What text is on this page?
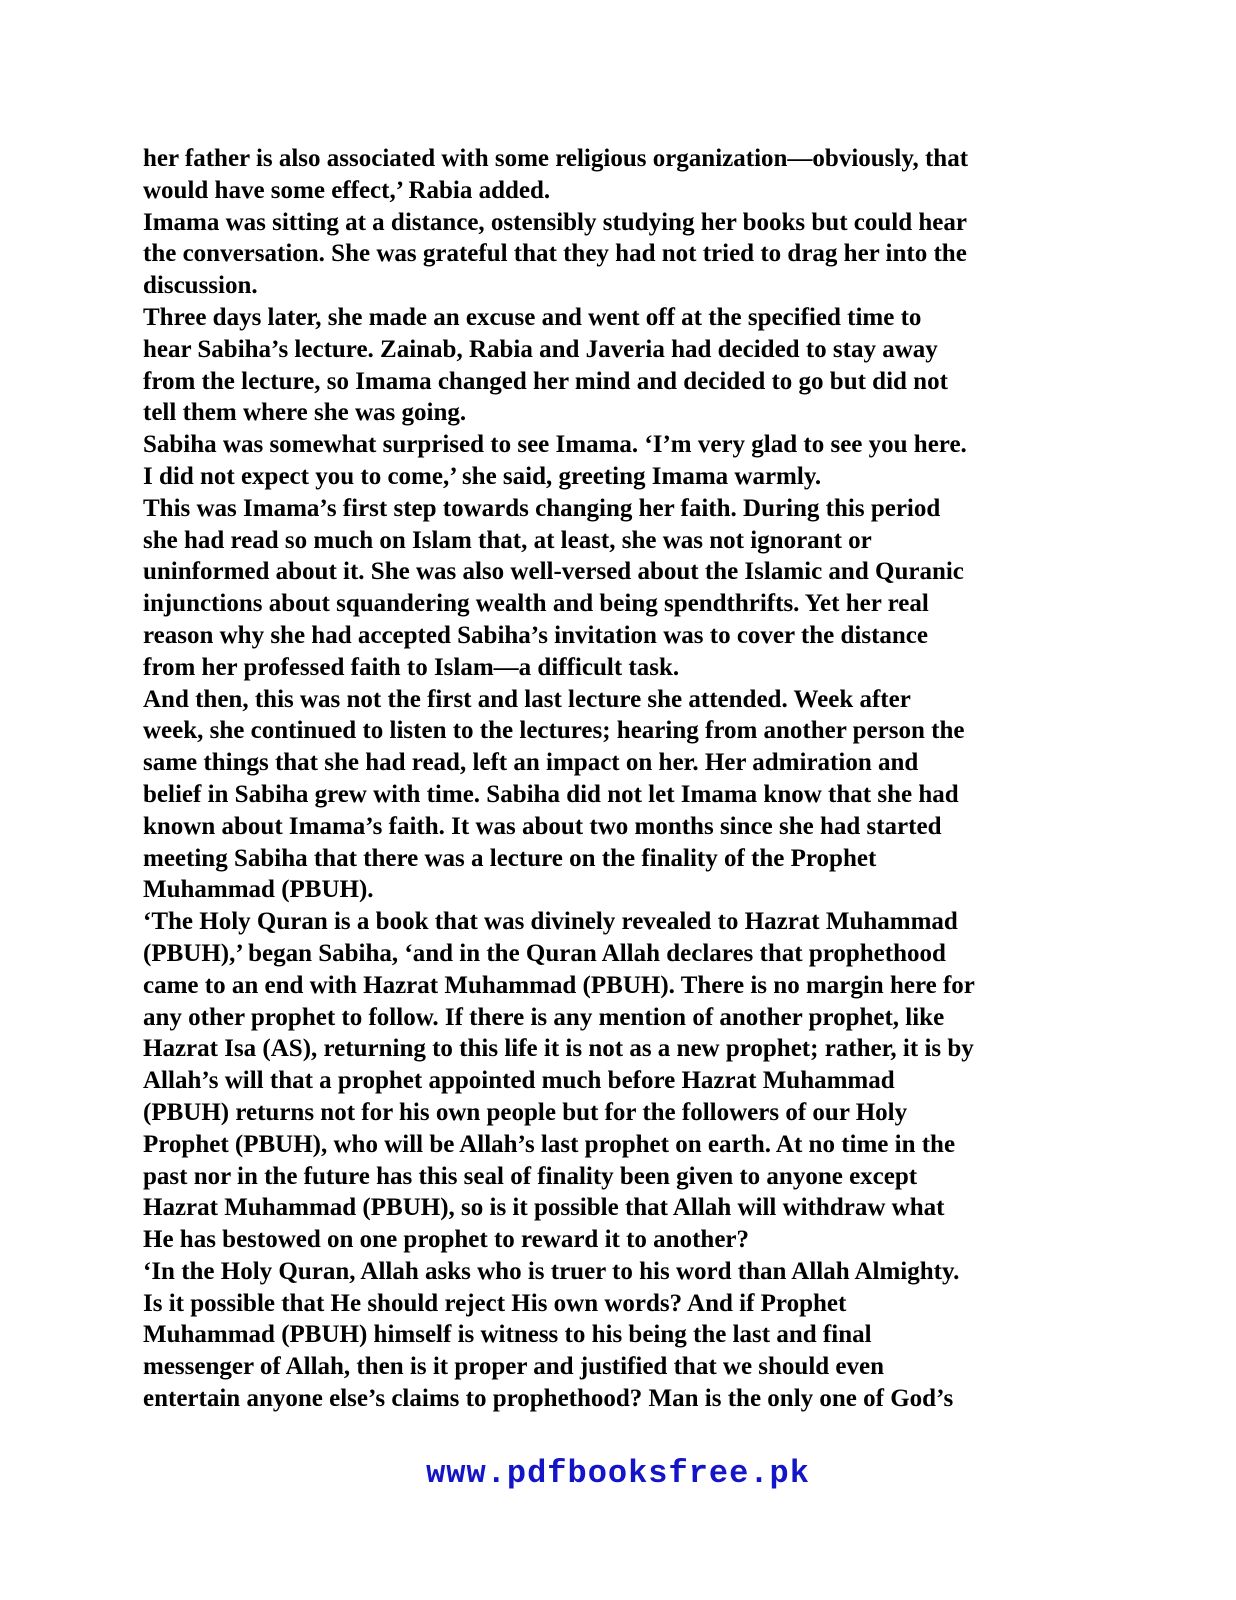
her father is also associated with some religious organization—obviously, that
would have some effect,’ Rabia added.
Imama was sitting at a distance, ostensibly studying her books but could hear
the conversation. She was grateful that they had not tried to drag her into the
discussion.
Three days later, she made an excuse and went off at the specified time to
hear Sabiha’s lecture. Zainab, Rabia and Javeria had decided to stay away
from the lecture, so Imama changed her mind and decided to go but did not
tell them where she was going.
Sabiha was somewhat surprised to see Imama. ‘I’m very glad to see you here.
I did not expect you to come,’ she said, greeting Imama warmly.
This was Imama’s first step towards changing her faith. During this period
she had read so much on Islam that, at least, she was not ignorant or
uninformed about it. She was also well-versed about the Islamic and Quranic
injunctions about squandering wealth and being spendthrifts. Yet her real
reason why she had accepted Sabiha’s invitation was to cover the distance
from her professed faith to Islam—a difficult task.
And then, this was not the first and last lecture she attended. Week after
week, she continued to listen to the lectures; hearing from another person the
same things that she had read, left an impact on her. Her admiration and
belief in Sabiha grew with time. Sabiha did not let Imama know that she had
known about Imama’s faith. It was about two months since she had started
meeting Sabiha that there was a lecture on the finality of the Prophet
Muhammad (PBUH).
‘The Holy Quran is a book that was divinely revealed to Hazrat Muhammad
(PBUH),’ began Sabiha, ‘and in the Quran Allah declares that prophethood
came to an end with Hazrat Muhammad (PBUH). There is no margin here for
any other prophet to follow. If there is any mention of another prophet, like
Hazrat Isa (AS), returning to this life it is not as a new prophet; rather, it is by
Allah’s will that a prophet appointed much before Hazrat Muhammad
(PBUH) returns not for his own people but for the followers of our Holy
Prophet (PBUH), who will be Allah’s last prophet on earth. At no time in the
past nor in the future has this seal of finality been given to anyone except
Hazrat Muhammad (PBUH), so is it possible that Allah will withdraw what
He has bestowed on one prophet to reward it to another?
‘In the Holy Quran, Allah asks who is truer to his word than Allah Almighty.
Is it possible that He should reject His own words? And if Prophet
Muhammad (PBUH) himself is witness to his being the last and final
messenger of Allah, then is it proper and justified that we should even
entertain anyone else’s claims to prophethood? Man is the only one of God’s
www.pdfbooksfree.pk
